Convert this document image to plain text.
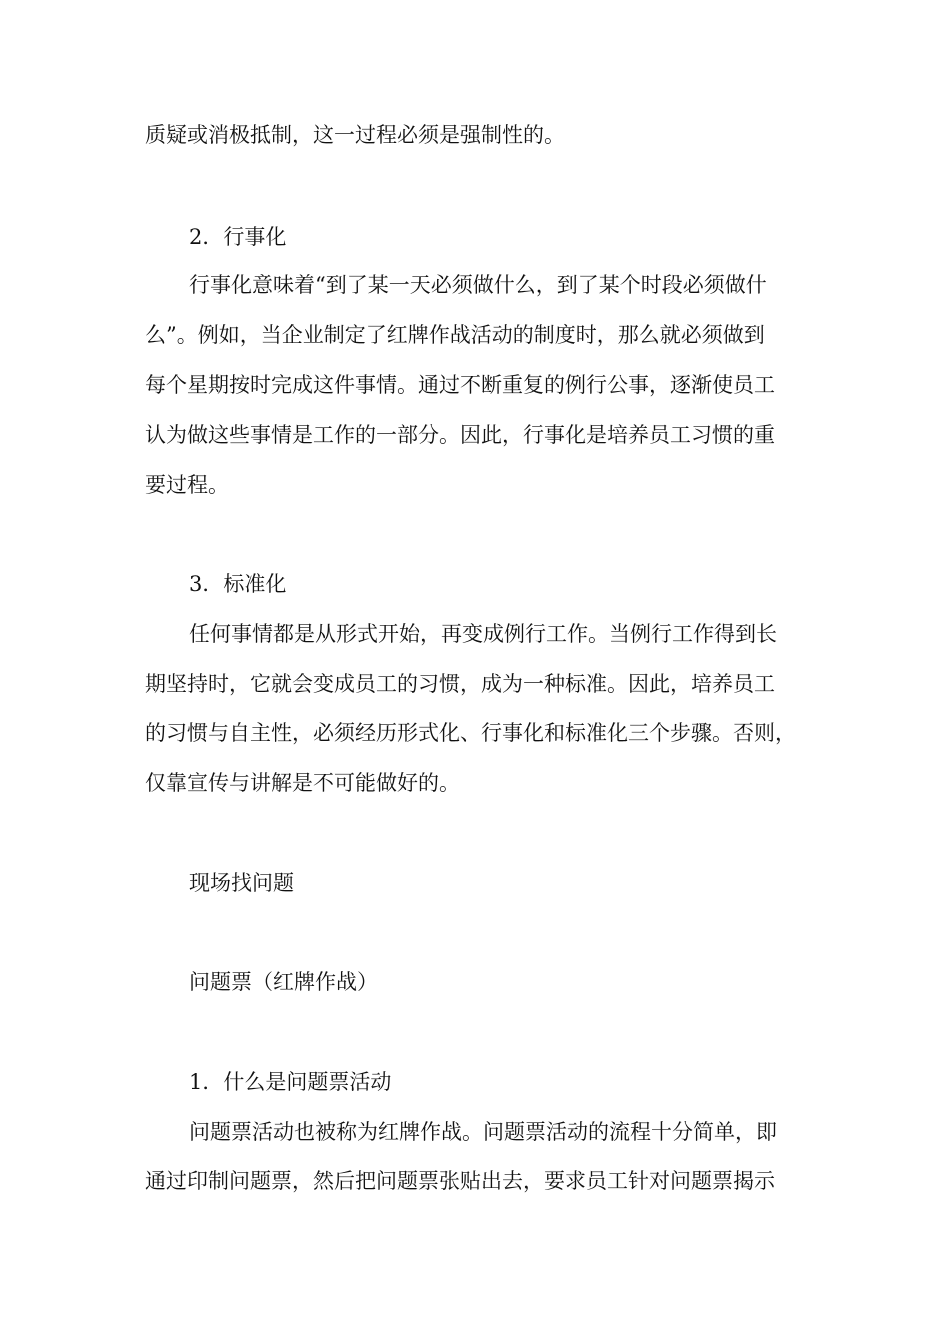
质疑或消极抵制，这一过程必须是强制性的。
2．行事化
行事化意味着“到了某一天必须做什么，到了某个时段必须做什
么”。例如，当企业制定了红牌作战活动的制度时，那么就必须做到
每个星期按时完成这件事情。通过不断重复的例行公事，逐渐使员工
认为做这些事情是工作的一部分。因此，行事化是培养员工习惯的重
要过程。
3．标准化
任何事情都是从形式开始，再变成例行工作。当例行工作得到长
期坚持时，它就会变成员工的习惯，成为一种标准。因此，培养员工
的习惯与自主性，必须经历形式化、行事化和标准化三个步骤。否则，
仅靠宣传与讲解是不可能做好的。
现场找问题
问题票（红牌作战）
1．什么是问题票活动
问题票活动也被称为红牌作战。问题票活动的流程十分简单，即
通过印制问题票，然后把问题票张贴出去，要求员工针对问题票揭示
